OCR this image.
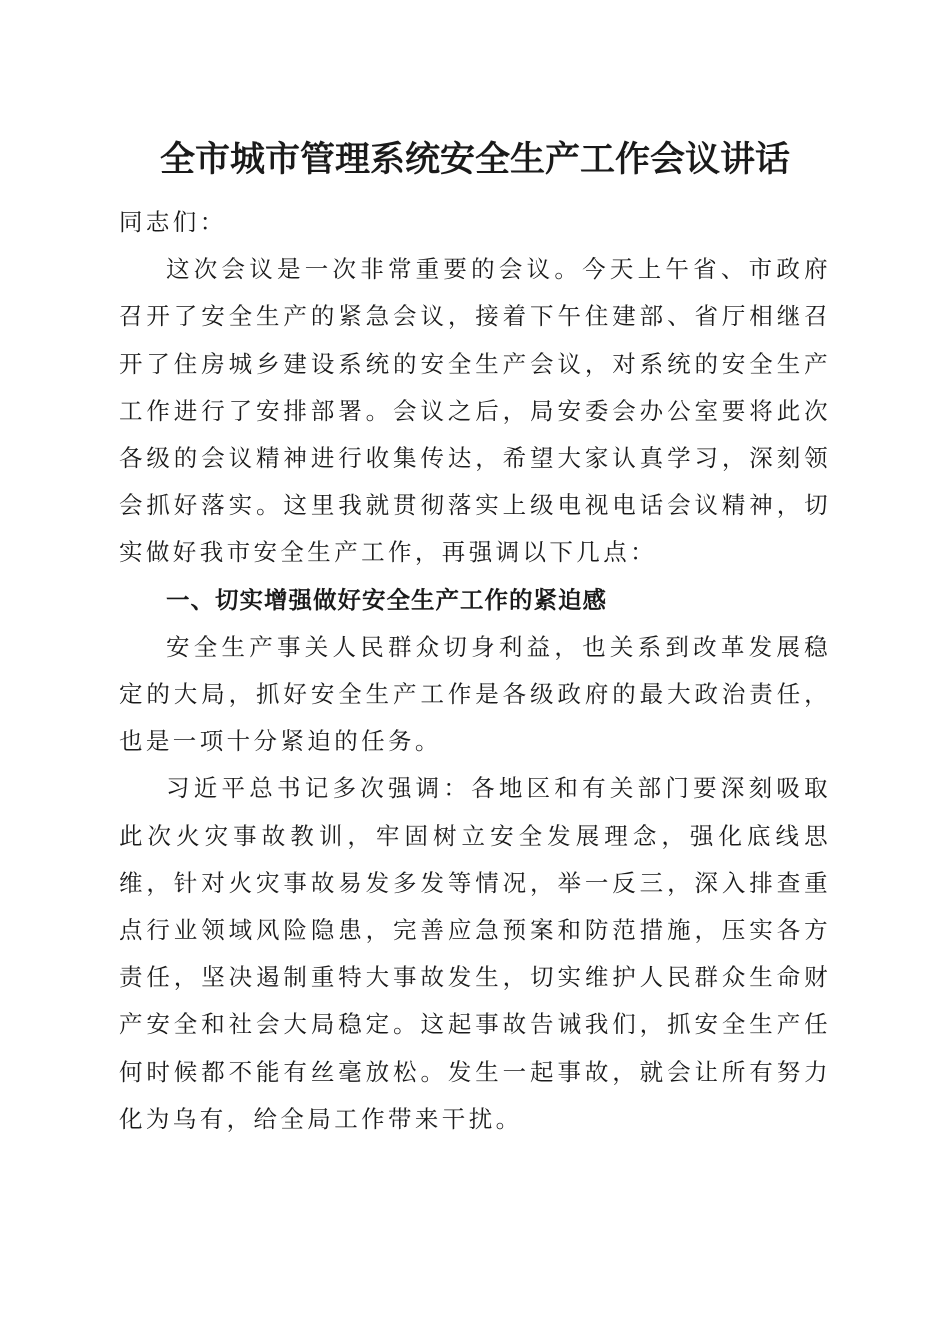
全市城市管理系统安全生产工作会议讲话

同志们：

这次会议是一次非常重要的会议。今天上午省、市政府召开了安全生产的紧急会议，接着下午住建部、省厅相继召开了住房城乡建设系统的安全生产会议，对系统的安全生产工作进行了安排部署。会议之后，局安委会办公室要将此次各级的会议精神进行收集传达，希望大家认真学习，深刻领会抓好落实。这里我就贯彻落实上级电视电话会议精神，切实做好我市安全生产工作，再强调以下几点：

一、切实增强做好安全生产工作的紧迫感

安全生产事关人民群众切身利益，也关系到改革发展稳定的大局，抓好安全生产工作是各级政府的最大政治责任，也是一项十分紧迫的任务。

习近平总书记多次强调：各地区和有关部门要深刻吸取此次火灾事故教训，牢固树立安全发展理念，强化底线思维，针对火灾事故易发多发等情况，举一反三，深入排查重点行业领域风险隐患，完善应急预案和防范措施，压实各方责任，坚决遏制重特大事故发生，切实维护人民群众生命财产安全和社会大局稳定。这起事故告诫我们，抓安全生产任何时候都不能有丝毫放松。发生一起事故，就会让所有努力化为乌有，给全局工作带来干扰。
